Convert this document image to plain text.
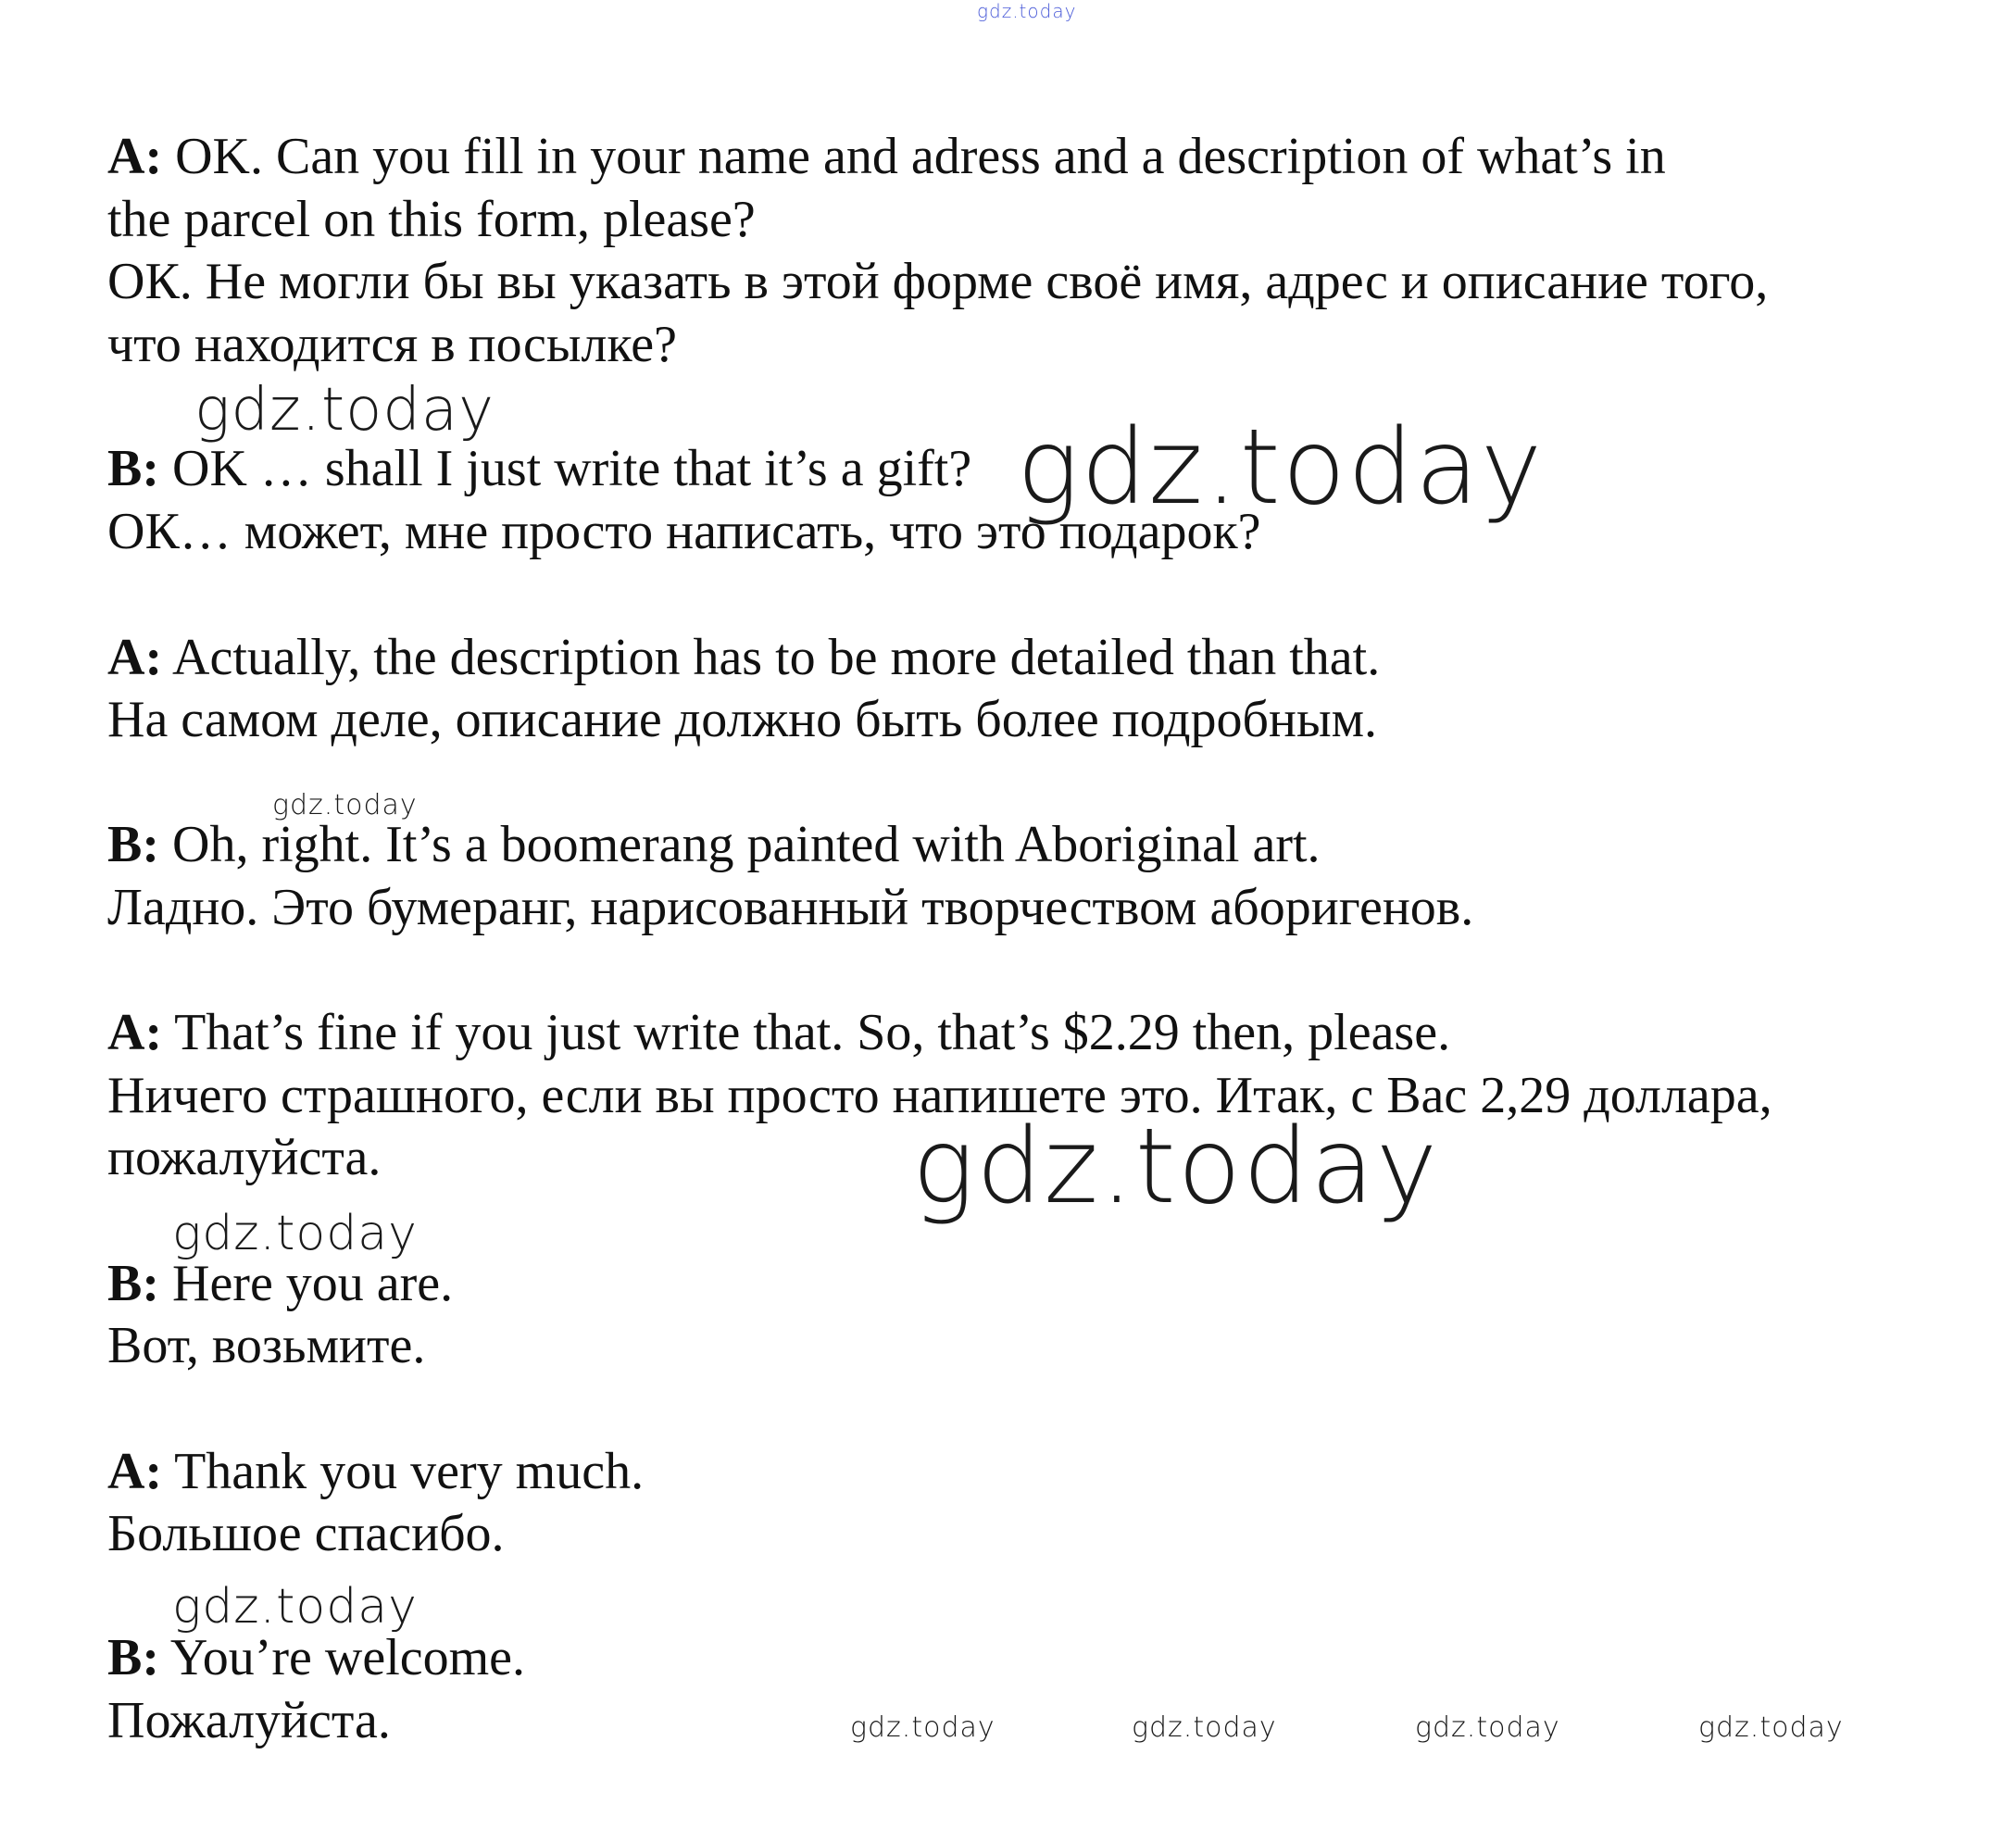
gdz.today
gdz.today	gdz.today
gdz.today
gdz.today
gdz.today
gdz.today
gdz.today	gdz.today	gdz.today	gdz.today

A: OK. Can you fill in your name and adress and a description of what’s in

the parcel on this form, please?

ОК. Не могли бы вы указать в этой форме своё имя, адрес и описание того,

что находится в посылке?

B: OK … shall I just write that it’s a gift?

ОК… может, мне просто написать, что это подарок?

A: Actually, the description has to be more detailed than that.

На самом деле, описание должно быть более подробным.

B: Oh, right. It’s a boomerang painted with Aboriginal art.

Ладно. Это бумеранг, нарисованный творчеством аборигенов.

A: That’s fine if you just write that. So, that’s $2.29 then, please.

Ничего страшного, если вы просто напишете это. Итак, с Вас 2,29 доллара,

пожалуйста.

B: Here you are.

Вот, возьмите.

A: Thank you very much.

Большое спасибо.

B: You’re welcome.

Пожалуйста.
